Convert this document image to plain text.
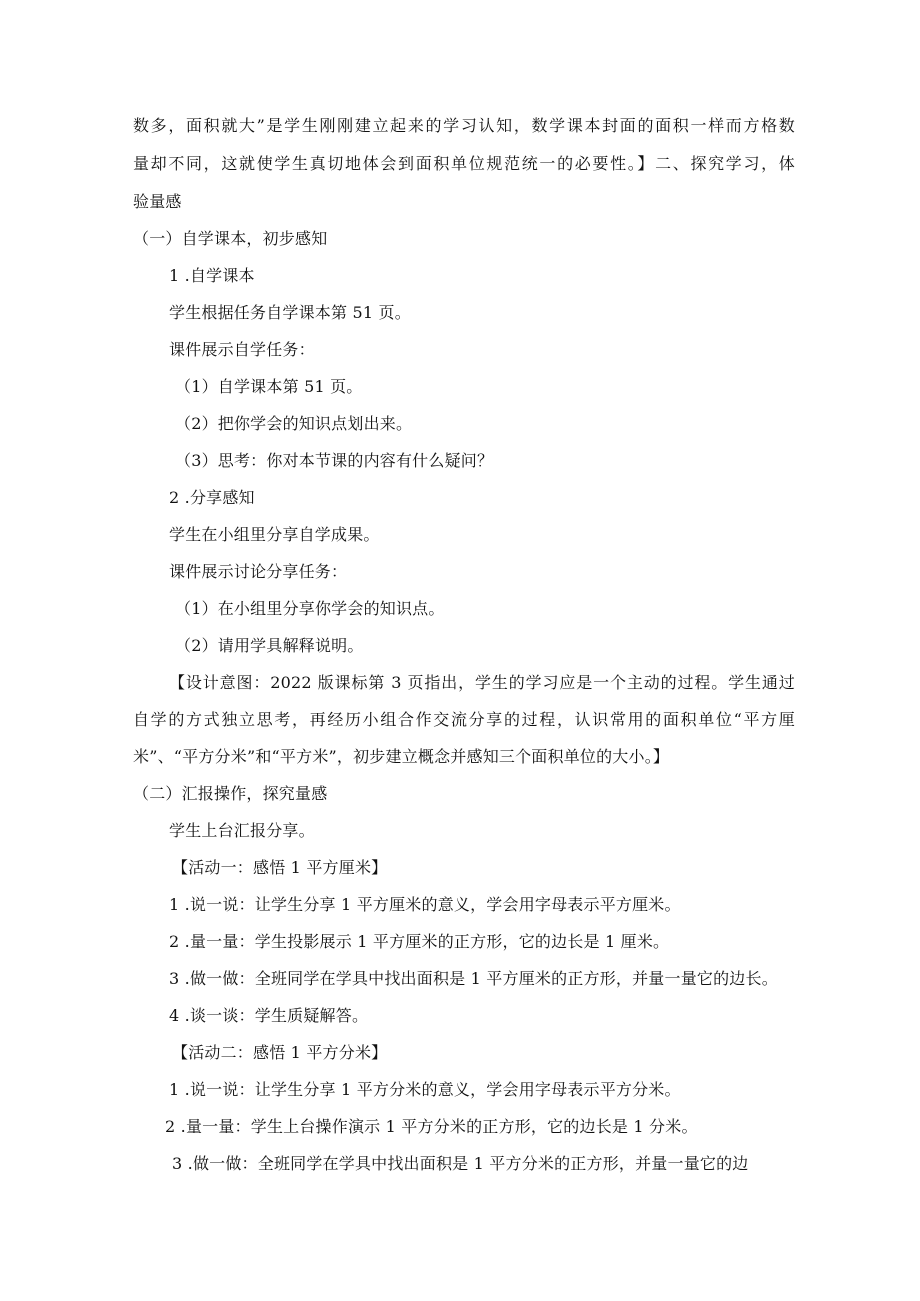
数多，面积就大”是学生刚刚建立起来的学习认知，数学课本封面的面积一样而方格数
量却不同，这就使学生真切地体会到面积单位规范统一的必要性。】二、探究学习，体
验量感
（一）自学课本，初步感知
1 .自学课本
学生根据任务自学课本第 51 页。
课件展示自学任务：
（1）自学课本第 51 页。
（2）把你学会的知识点划出来。
（3）思考：你对本节课的内容有什么疑问？
2 .分享感知
学生在小组里分享自学成果。
课件展示讨论分享任务：
（1）在小组里分享你学会的知识点。
（2）请用学具解释说明。
【设计意图：2022 版课标第 3 页指出，学生的学习应是一个主动的过程。学生通过
自学的方式独立思考，再经历小组合作交流分享的过程，认识常用的面积单位“平方厘
米”、“平方分米”和“平方米”，初步建立概念并感知三个面积单位的大小。】
（二）汇报操作，探究量感
学生上台汇报分享。
【活动一：感悟 1 平方厘米】
1 .说一说：让学生分享 1 平方厘米的意义，学会用字母表示平方厘米。
2 .量一量：学生投影展示 1 平方厘米的正方形，它的边长是 1 厘米。
3 .做一做：全班同学在学具中找出面积是 1 平方厘米的正方形，并量一量它的边长。
4 .谈一谈：学生质疑解答。
【活动二：感悟 1 平方分米】
1 .说一说：让学生分享 1 平方分米的意义，学会用字母表示平方分米。
2 .量一量：学生上台操作演示 1 平方分米的正方形，它的边长是 1 分米。
3 .做一做：全班同学在学具中找出面积是 1 平方分米的正方形，并量一量它的边
